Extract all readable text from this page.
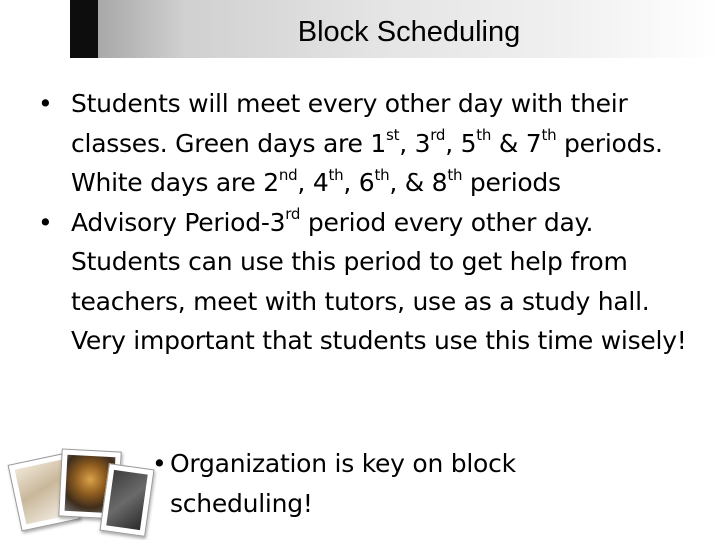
Block Scheduling
• Students will meet every other day with their classes. Green days are 1st, 3rd, 5th & 7th periods. White days are 2nd, 4th, 6th, & 8th periods
• Advisory Period-3rd period every other day. Students can use this period to get help from teachers, meet with tutors, use as a study hall. Very important that students use this time wisely!
• Organization is key on block scheduling!
